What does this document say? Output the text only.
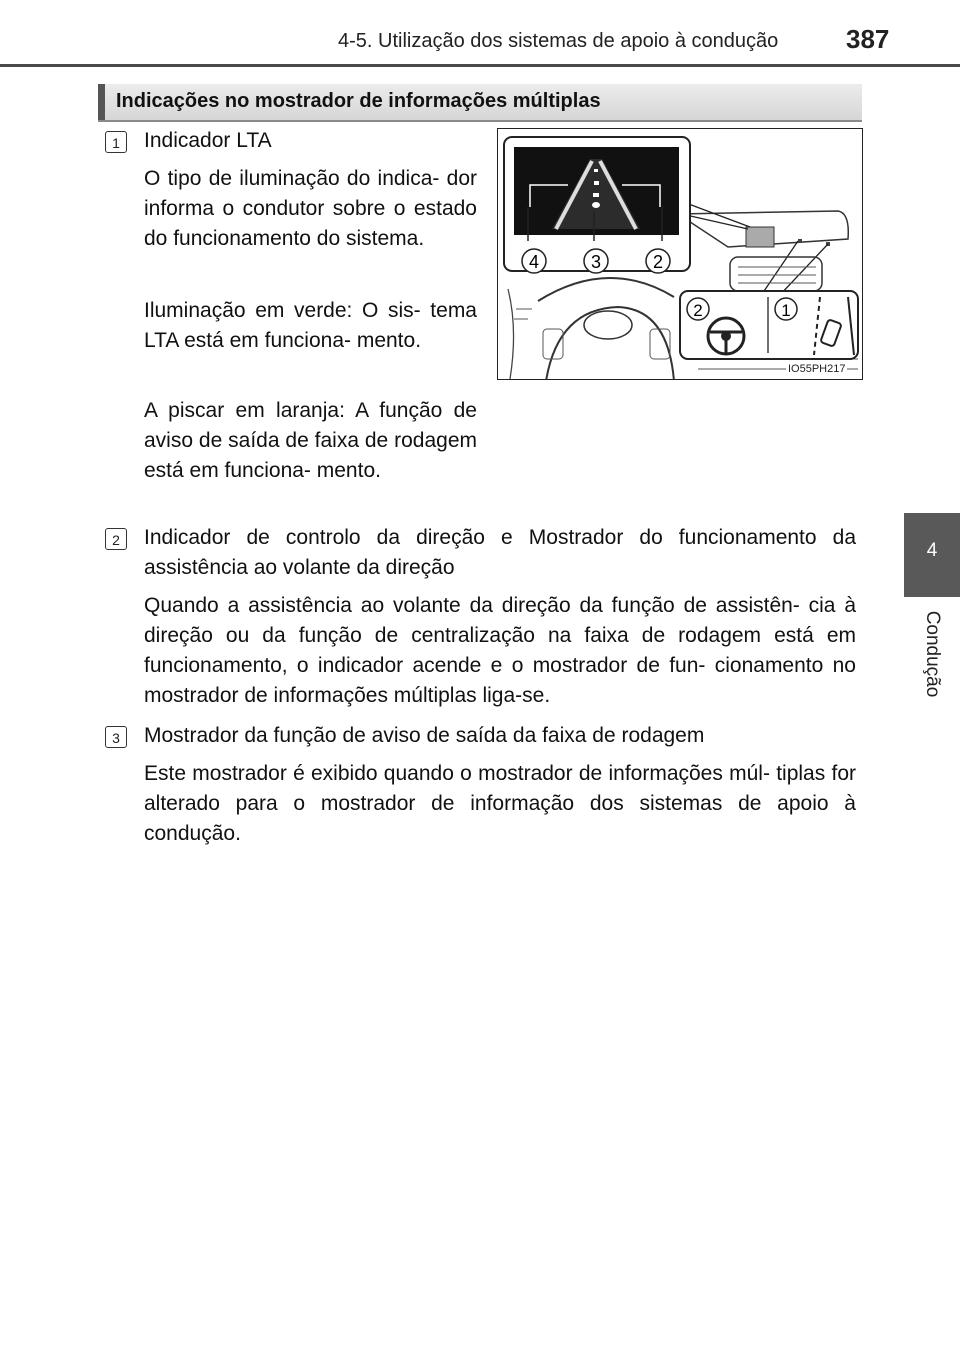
4-5. Utilização dos sistemas de apoio à condução	387
4
Condução
Indicações no mostrador de informações múltiplas
1	Indicador LTA
O tipo de iluminação do indica- dor informa o condutor sobre o estado do funcionamento do sistema.
Iluminação em verde: O sis- tema LTA está em funciona- mento.
A piscar em laranja: A função de aviso de saída de faixa de rodagem está em funciona- mento.
4	3	2
2	1
IO55PH217
2	Indicador de controlo da direção e Mostrador do funcionamento da assistência ao volante da direção
Quando a assistência ao volante da direção da função de assistên- cia à direção ou da função de centralização na faixa de rodagem está em funcionamento, o indicador acende e o mostrador de fun- cionamento no mostrador de informações múltiplas liga-se.
3	Mostrador da função de aviso de saída da faixa de rodagem
Este mostrador é exibido quando o mostrador de informações múl- tiplas for alterado para o mostrador de informação dos sistemas de apoio à condução.
